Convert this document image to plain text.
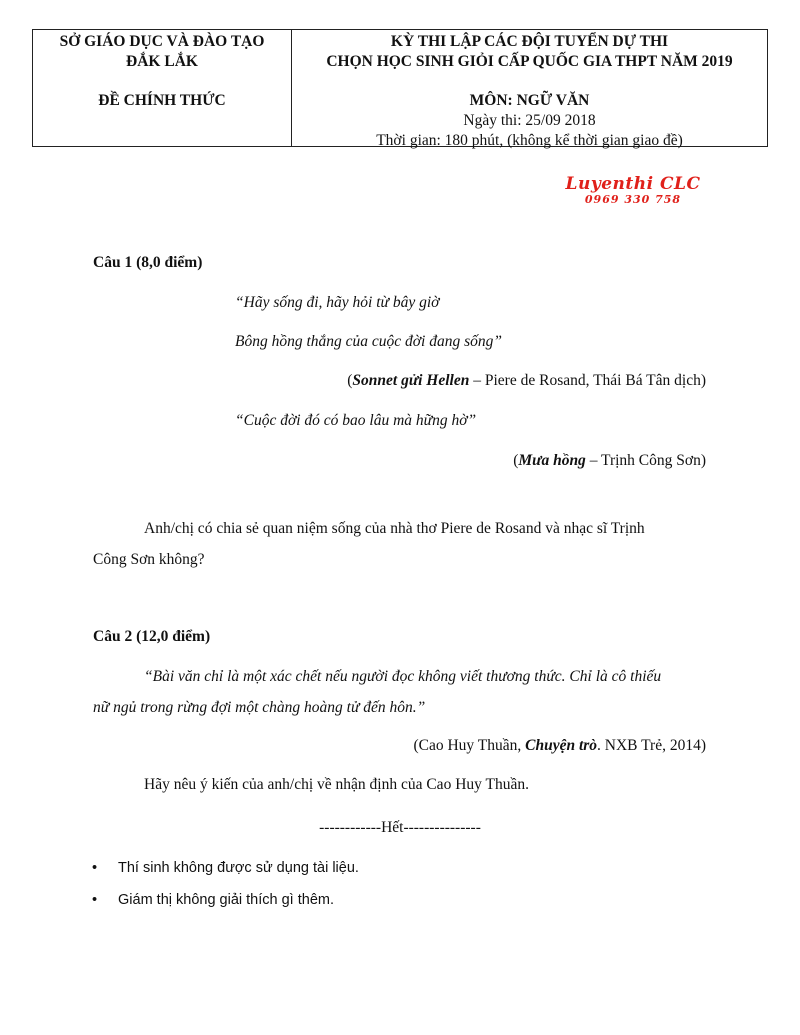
SỞ GIÁO DỤC VÀ ĐÀO TẠO
ĐẮK LẮK
ĐỀ CHÍNH THỨC
KỲ THI LẬP CÁC ĐỘI TUYỂN DỰ THI
CHỌN HỌC SINH GIỎI CẤP QUỐC GIA THPT NĂM 2019
MÔN: NGỮ VĂN
Ngày thi: 25/09 2018
Thời gian: 180 phút, (không kể thời gian giao đề)
Luyenthi CLC
0969 330 758
Câu 1 (8,0 điểm)
“Hãy sống đi, hãy hỏi từ bây giờ
Bông hồng thắng của cuộc đời đang sống”
(Sonnet gửi Hellen – Piere de Rosand, Thái Bá Tân dịch)
“Cuộc đời đó có bao lâu mà hững hờ”
(Mưa hồng – Trịnh Công Sơn)
Anh/chị có chia sẻ quan niệm sống của nhà thơ Piere de Rosand và nhạc sĩ Trịnh
Công Sơn không?
Câu 2 (12,0 điểm)
“Bài văn chỉ là một xác chết nếu người đọc không viết thương thức. Chỉ là cô thiếu
nữ ngủ trong rừng đợi một chàng hoàng tử đến hôn.”
(Cao Huy Thuần, Chuyện trò. NXB Trẻ, 2014)
Hãy nêu ý kiến của anh/chị về nhận định của Cao Huy Thuần.
------------Hết---------------
• Thí sinh không được sử dụng tài liệu.
• Giám thị không giải thích gì thêm.
